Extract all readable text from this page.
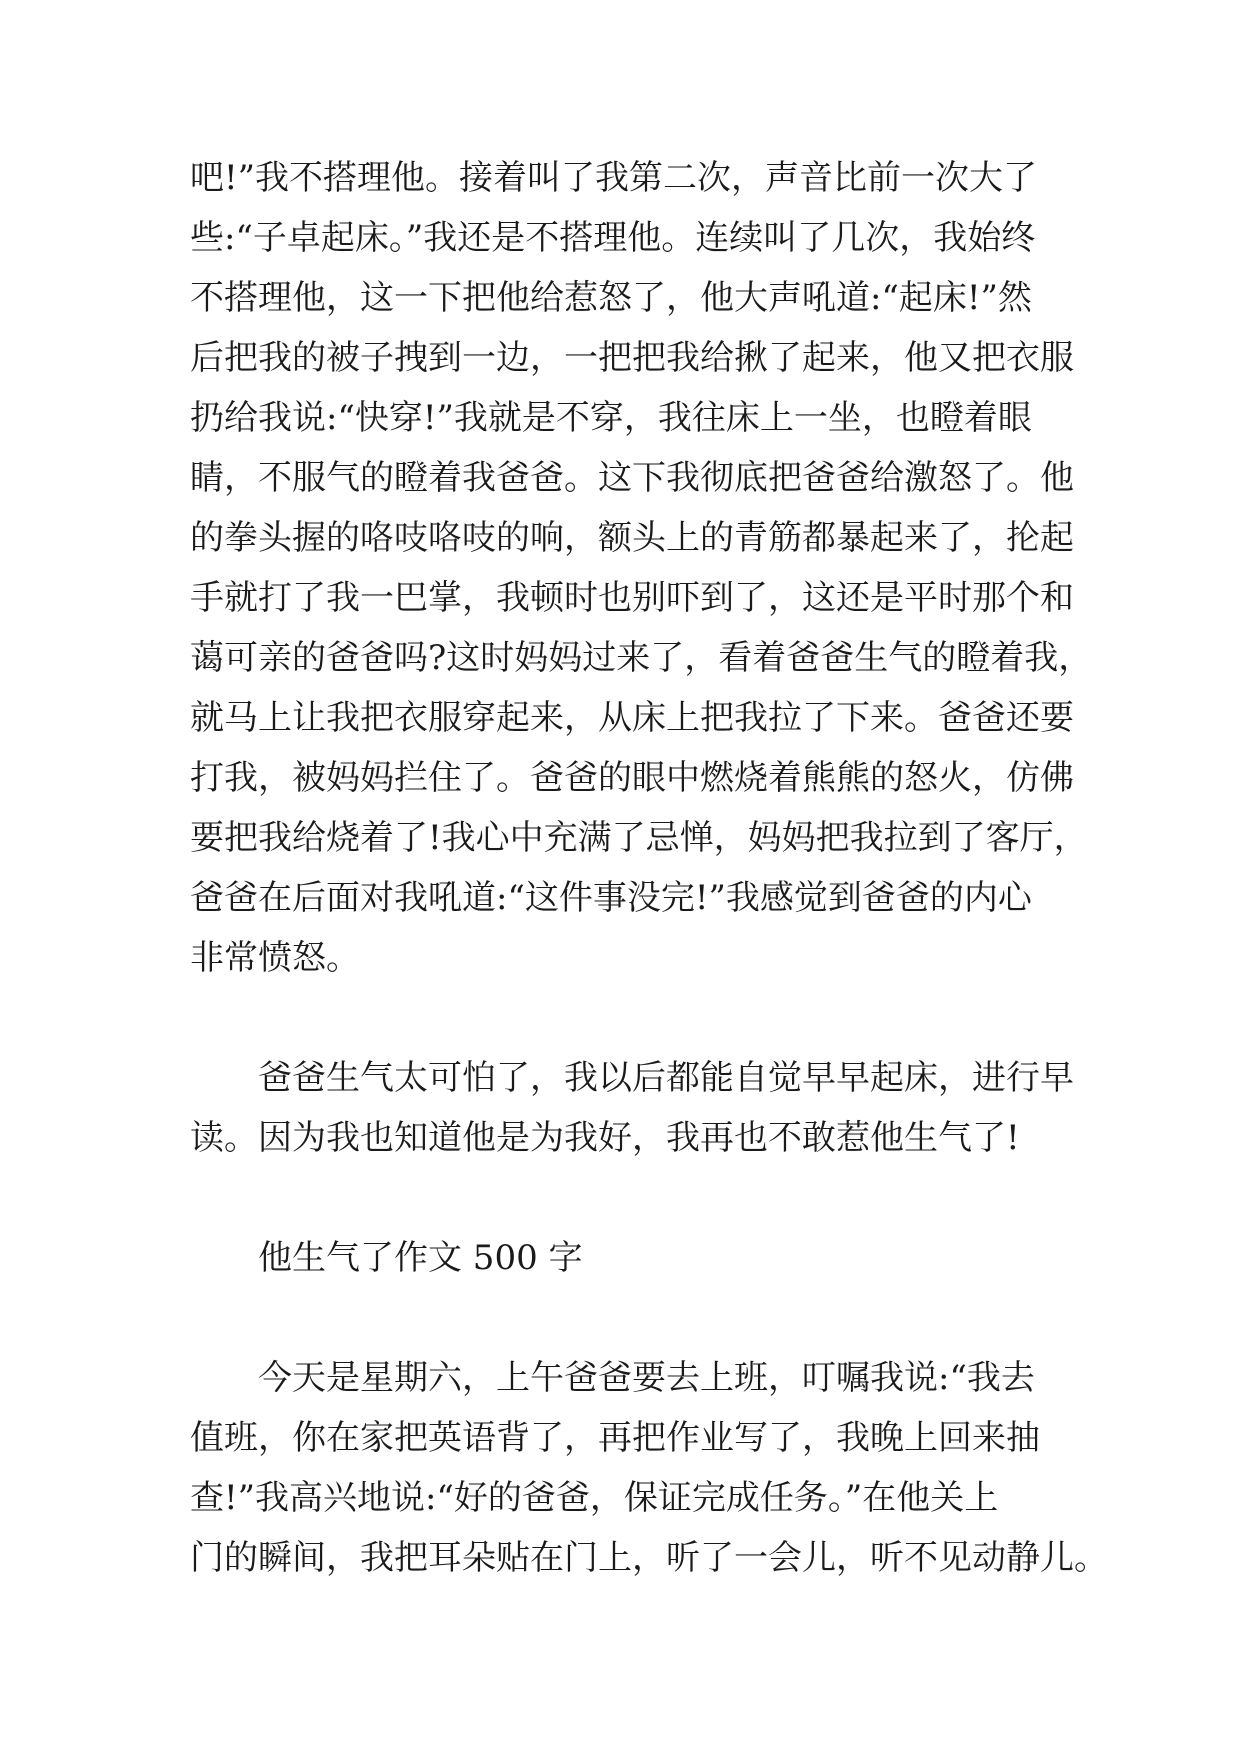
吧!”我不搭理他。接着叫了我第二次，声音比前一次大了
些:“子卓起床。”我还是不搭理他。连续叫了几次，我始终
不搭理他，这一下把他给惹怒了，他大声吼道:“起床!”然
后把我的被子拽到一边，一把把我给揪了起来，他又把衣服
扔给我说:“快穿!”我就是不穿，我往床上一坐，也瞪着眼
睛，不服气的瞪着我爸爸。这下我彻底把爸爸给激怒了。他
的拳头握的咯吱咯吱的响，额头上的青筋都暴起来了，抡起
手就打了我一巴掌，我顿时也别吓到了，这还是平时那个和
蔼可亲的爸爸吗?这时妈妈过来了，看着爸爸生气的瞪着我，
就马上让我把衣服穿起来，从床上把我拉了下来。爸爸还要
打我，被妈妈拦住了。爸爸的眼中燃烧着熊熊的怒火，仿佛
要把我给烧着了!我心中充满了忌惮，妈妈把我拉到了客厅，
爸爸在后面对我吼道:“这件事没完!”我感觉到爸爸的内心
非常愤怒。
爸爸生气太可怕了，我以后都能自觉早早起床，进行早
读。因为我也知道他是为我好，我再也不敢惹他生气了!
他生气了作文 500 字
今天是星期六，上午爸爸要去上班，叮嘱我说:“我去
值班，你在家把英语背了，再把作业写了，我晚上回来抽
查!”我高兴地说:“好的爸爸，保证完成任务。”在他关上
门的瞬间，我把耳朵贴在门上，听了一会儿，听不见动静儿。
